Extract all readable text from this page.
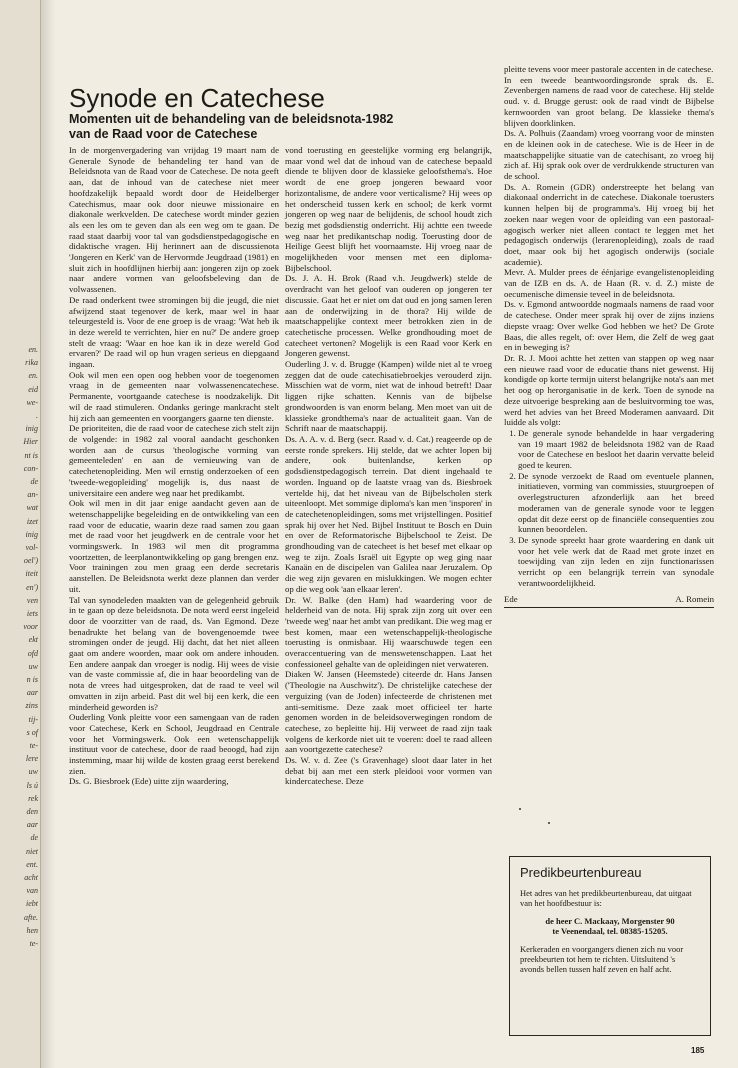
en.
rika
en.
eid
we-
.
inig
Hier
nt is
con-
de
an-
wat
izet
inig
vol-
oel')
iteit
en')
ven
iets
voor
ekt
ofd
uw
n is
aar
zins
tij-
s of
te-
lere
uw
ls ú
rek
den
aar
de
niet
ent.
acht
van
iebt
afte.
hen
te-
Synode en Catechese
Momenten uit de behandeling van de beleidsnota-1982 van de Raad voor de Catechese

In de morgenvergadering van vrijdag 19 maart nam de Generale Synode de behandeling ter hand van de Beleidsnota van de Raad voor de Catechese. De nota geeft aan, dat de inhoud van de catechese niet meer hoofdzakelijk bepaald wordt door de Heidelberger Catechismus, maar ook door nieuwe missionaire en diakonale werkvelden. De catechese wordt minder gezien als een les om te geven dan als een weg om te gaan. De raad staat daarbij voor tal van godsdienstpedagogische en didaktische vragen. Hij herinnert aan de discussienota 'Jongeren en Kerk' van de Hervormde Jeugdraad (1981) en sluit zich in hoofdlijnen hierbij aan: jongeren zijn op zoek naar andere vormen van geloofsbeleving dan de volwassenen.

De raad onderkent twee stromingen bij die jeugd, die niet afwijzend staat tegenover de kerk, maar wel in haar teleurgesteld is. Voor de ene groep is de vraag: 'Wat heb ik in deze wereld te verrichten, hier en nu?' De andere groep stelt de vraag: 'Waar en hoe kan ik in deze wereld God ervaren?' De raad wil op hun vragen serieus en diepgaand ingaan.

Ook wil men een open oog hebben voor de toegenomen vraag in de gemeenten naar volwassenencatechese. Permanente, voortgaande catechese is noodzakelijk. Dit wil de raad stimuleren. Ondanks geringe mankracht stelt hij zich aan gemeenten en voorgangers gaarne ten dienste.

De prioriteiten, die de raad voor de catechese zich stelt zijn de volgende: in 1982 zal vooral aandacht geschonken worden aan de cursus 'theologische vorming van gemeenteleden' en aan de vernieuwing van de catechetenopleiding. Men wil ernstig onderzoeken of een 'tweede-wegopleiding' mogelijk is, dus naast de universitaire een andere weg naar het predikambt.

Ook wil men in dit jaar enige aandacht geven aan de wetenschappelijke begeleiding en de ontwikkeling van een raad voor de educatie, waarin deze raad samen zou gaan met de raad voor het jeugdwerk en de centrale voor het vormingswerk. In 1983 wil men dit programma voortzetten, de leerplanontwikkeling op gang brengen enz. Voor trainingen zou men graag een derde secretaris aanstellen. De Beleidsnota werkt deze plannen dan verder uit.

Tal van synodeleden maakten van de gelegenheid gebruik in te gaan op deze beleidsnota. De nota werd eerst ingeleid door de voorzitter van de raad, ds. Van Egmond. Deze benadrukte het belang van de bovengenoemde twee stromingen onder de jeugd. Hij dacht, dat het niet alleen gaat om andere woorden, maar ook om andere inhouden. Een andere aanpak dan vroeger is nodig. Hij wees de visie van de vaste commissie af, die in haar beoordeling van de nota de vrees had uitgesproken, dat de raad te veel wil omvatten in zijn arbeid. Past dit wel bij een kerk, die een minderheid geworden is?

Ouderling Vonk pleitte voor een samengaan van de raden voor Catechese, Kerk en School, Jeugdraad en Centrale voor het Vormingswerk. Ook een wetenschappelijk instituut voor de catechese, door de raad beoogd, had zijn instemming, maar hij wilde de kosten graag eerst berekend zien.

Ds. G. Biesbroek (Ede) uitte zijn waardering,

vond toerusting en geestelijke vorming erg belangrijk, maar vond wel dat de inhoud van de catechese bepaald diende te blijven door de klassieke geloofsthema's. Hoe wordt de ene groep jongeren bewaard voor horizontalisme, de andere voor verticalisme? Hij wees op het onderscheid tussen kerk en school; de kerk vormt jongeren op weg naar de belijdenis, de school houdt zich bezig met godsdienstig onderricht. Hij achtte een tweede weg naar het predikantschap nodig. Toerusting door de Heilige Geest blijft het voornaamste. Hij vroeg naar de mogelijkheden voor mensen met een diploma-Bijbelschool.

Ds. J. A. H. Brok (Raad v.h. Jeugdwerk) stelde de overdracht van het geloof van ouderen op jongeren ter discussie. Gaat het er niet om dat oud en jong samen leren aan de onderwijzing in de thora? Hij wilde de maatschappelijke context meer betrokken zien in de catechetische processen. Welke grondhouding moet de catecheet vertonen? Mogelijk is een Raad voor Kerk en Jongeren gewenst.

Ouderling J. v. d. Brugge (Kampen) wilde niet al te vroeg zeggen dat de oude catechisatiebroekjes verouderd zijn. Misschien wat de vorm, niet wat de inhoud betreft! Daar liggen rijke schatten. Kennis van de bijbelse grondwoorden is van enorm belang. Men moet van uit de klassieke grondthema's naar de actualiteit gaan. Van de Schrift naar de maatschappij.

Ds. A. A. v. d. Berg (secr. Raad v. d. Cat.) reageerde op de eerste ronde sprekers. Hij stelde, dat we achter lopen bij andere, ook buitenlandse, kerken op godsdienstpedagogisch terrein. Dat dient ingehaald te worden. Inguand op de laatste vraag van ds. Biesbroek vertelde hij, dat het niveau van de Bijbelscholen sterk uiteenloopt. Met sommige diploma's kan men 'insporen' in de catechetenopleidingen, soms met vrijstellingen. Positief sprak hij over het Ned. Bijbel Instituut te Bosch en Duin en over de Reformatorische Bijbelschool te Zeist. De grondhouding van de catecheet is het besef met elkaar op weg te zijn. Zoals Israël uit Egypte op weg ging naar Kanaän en de discipelen van Galilea naar Jeruzalem. Op die weg zijn gevaren en mislukkingen. We mogen echter op die weg ook 'aan elkaar leren'.

Dr. W. Balke (den Ham) had waardering voor de helderheid van de nota. Hij sprak zijn zorg uit over een 'tweede weg' naar het ambt van predikant. Die weg mag er best komen, maar een wetenschappelijk-theologische toerusting is onmisbaar. Hij waarschuwde tegen een overaccentuering van de menswetenschappen. Laat het confessioneel gehalte van de opleidingen niet verwateren.

Diaken W. Jansen (Heemstede) citeerde dr. Hans Jansen ('Theologie na Auschwitz'). De christelijke catechese der verguizing (van de Joden) infecteerde de christenen met anti-semitisme. Deze zaak moet officieel ter harte genomen worden in de beleidsoverwegingen rondom de catechese, zo bepleitte hij. Hij verweet de raad zijn taak volgens de kerkorde niet uit te voeren: doel te raad alleen aan voortgezette catechese?

Ds. W. v. d. Zee ('s Gravenhage) sloot daar later in het debat bij aan met een sterk pleidooi voor vormen van kindercatechese. Deze

pleitte tevens voor meer pastorale accenten in de catechese.

In een tweede beantwoordingsronde sprak ds. E. Zevenbergen namens de raad voor de catechese. Hij stelde oud. v. d. Brugge gerust: ook de raad vindt de Bijbelse kernwoorden van groot belang. De klassieke thema's blijven doorklinken.

Ds. A. Polhuis (Zaandam) vroeg voorrang voor de minsten en de kleinen ook in de catechese. Wie is de Heer in de maatschappelijke situatie van de catechisant, zo vroeg hij zich af. Hij sprak ook over de verdrukkende structuren van de school.

Ds. A. Romein (GDR) onderstreepte het belang van diakonaal onderricht in de catechese. Diakonale toerusters kunnen helpen bij de programma's. Hij vroeg bij het zoeken naar wegen voor de opleiding van een pastoraal-agogisch werker niet alleen contact te leggen met het pedagogisch onderwijs (lerarenopleiding), zoals de raad doet, maar ook bij het agogisch onderwijs (sociale academie).

Mevr. A. Mulder prees de éénjarige evangelistenopleiding van de IZB en ds. A. de Haan (R. v. d. Z.) miste de oecumenische dimensie teveel in de beleidsnota.

Ds. v. Egmond antwoordde nogmaals namens de raad voor de catechese. Onder meer sprak hij over de zijns inziens diepste vraag: Over welke God hebben we het? De Grote Baas, die alles regelt, of: over Hem, die Zelf de weg gaat en in beweging is?

Dr. R. J. Mooi achtte het zetten van stappen op weg naar een nieuwe raad voor de educatie thans niet gewenst. Hij kondigde op korte termijn uiterst belangrijke nota's aan met het oog op herorganisatie in de kerk. Toen de synode na deze uitvoerige bespreking aan de besluitvorming toe was, werd het advies van het Breed Moderamen aanvaard. Dit luidde als volgt:

1. De generale synode behandelde in haar vergadering van 19 maart 1982 de beleidsnota 1982 van de Raad voor de Catechese en besloot het daarin vervatte beleid goed te keuren.
2. De synode verzoekt de Raad om eventuele plannen, initiatieven, vorming van commissies, stuurgroepen of overlegstructuren afzonderlijk aan het breed moderamen van de generale synode voor te leggen opdat dit deze eerst op de financiële consequenties zou kunnen beoordelen.
3. De synode spreekt haar grote waardering en dank uit voor het vele werk dat de Raad met grote inzet en toewijding van zijn leden en zijn functionarissen verricht op een belangrijk terrein van synodale verantwoordelijkheid.
Ede	A. Romein
Predikbeurtenbureau

Het adres van het predikbeurtenbureau, dat uitgaat van het hoofdbestuur is:

de heer C. Mackaay, Morgenster 90
te Veenendaal, tel. 08385-15205.

Kerkeraden en voorgangers dienen zich nu voor preekbeurten tot hem te richten. Uitsluitend 's avonds bellen tussen half zeven en half acht.

185
